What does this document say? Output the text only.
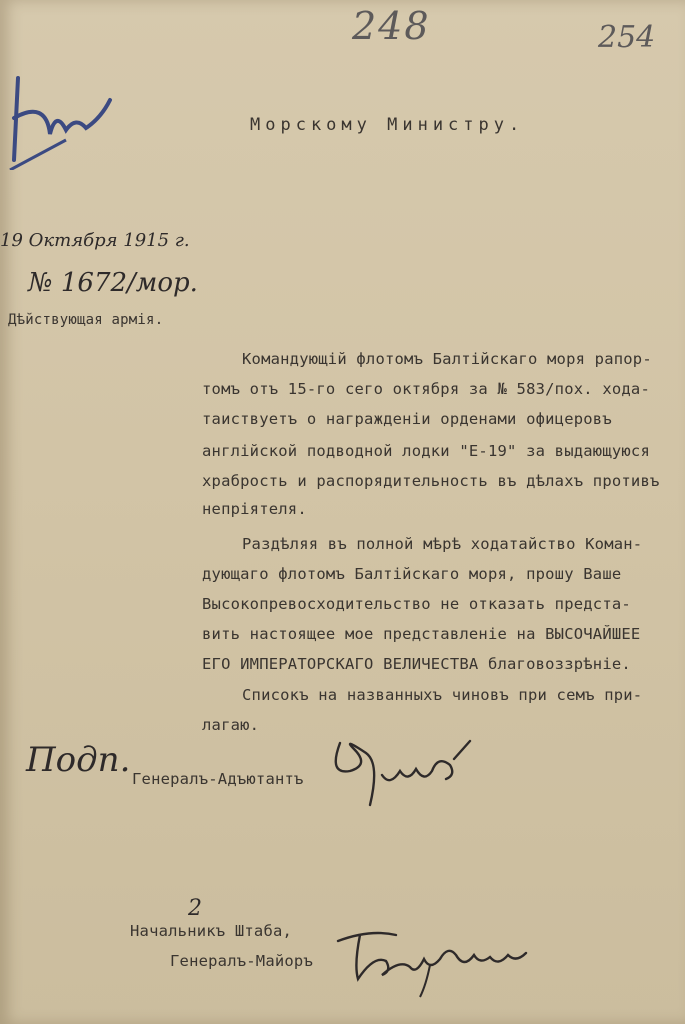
248	254
Морскому Министру.
19 Октября 1915 г.
№ 1672/мор.
Дѣйствующая армія.
Командующій флотомъ Балтійскаго моря рапор-
томъ отъ 15-го сего октября за № 583/пох. хода-
таиствуетъ о награжденіи орденами офицеровъ
англійской подводной лодки "Е-19" за выдающуюся
храбрость и распорядительность въ дѣлахъ противъ
непріятеля.
Раздѣляя въ полной мѣрѣ ходатайство Коман-
дующаго флотомъ Балтійскаго моря, прошу Ваше
Высокопревосходительство не отказать предста-
вить настоящее мое представленіе на ВЫСОЧАЙШЕЕ
ЕГО ИМПЕРАТОРСКАГО ВЕЛИЧЕСТВА благовоззрѣніе.
Списокъ на названныхъ чиновъ при семъ при-
лагаю.
Подп. Генералъ-Адъютантъ
2
Начальникъ Штаба,
Генералъ-Майоръ
